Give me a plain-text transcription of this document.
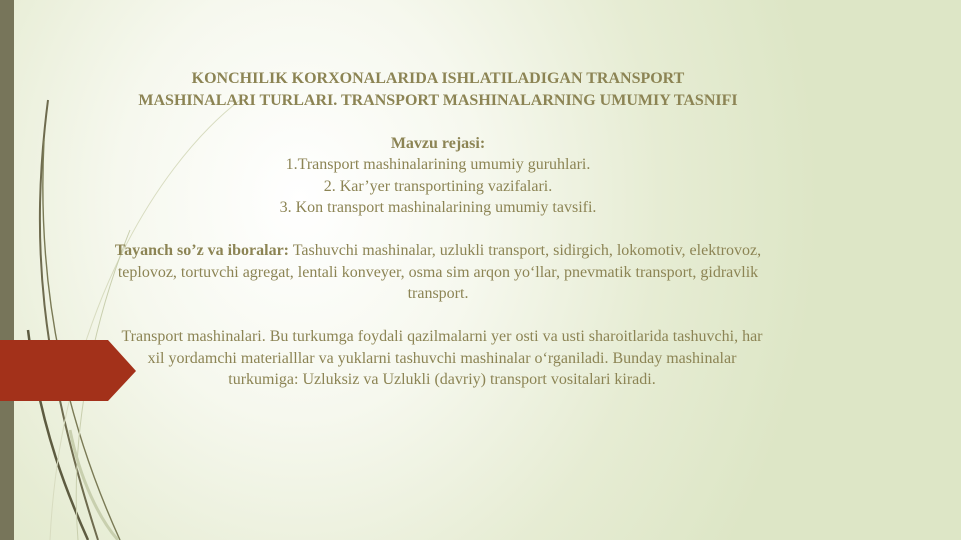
KONCHILIK KORXONALARIDA ISHLATILADIGAN TRANSPORT
MASHINALARI TURLARI. TRANSPORT MASHINALARNING UMUMIY TASNIFI
Mavzu rejasi:
1.Transport mashinalarining umumiy guruhlari.
2. Kar’yer transportining vazifalari.
3. Kon transport mashinalarining umumiy tavsifi.
Tayanch so’z va iboralar: Tashuvchi mashinalar, uzlukli transport, sidirgich, lokomotiv, elektrovoz, teplovoz, tortuvchi agregat, lentali konveyer, osma sim arqon yo‘llar, pnevmatik transport, gidravlik transport.
Transport mashinalari. Bu turkumga foydali qazilmalarni yer osti va usti sharoitlarida tashuvchi, har xil yordamchi materialllar va yuklarni tashuvchi mashinalar o‘rganiladi. Bunday mashinalar turkumiga: Uzluksiz va Uzlukli (davriy) transport vositalari kiradi.
